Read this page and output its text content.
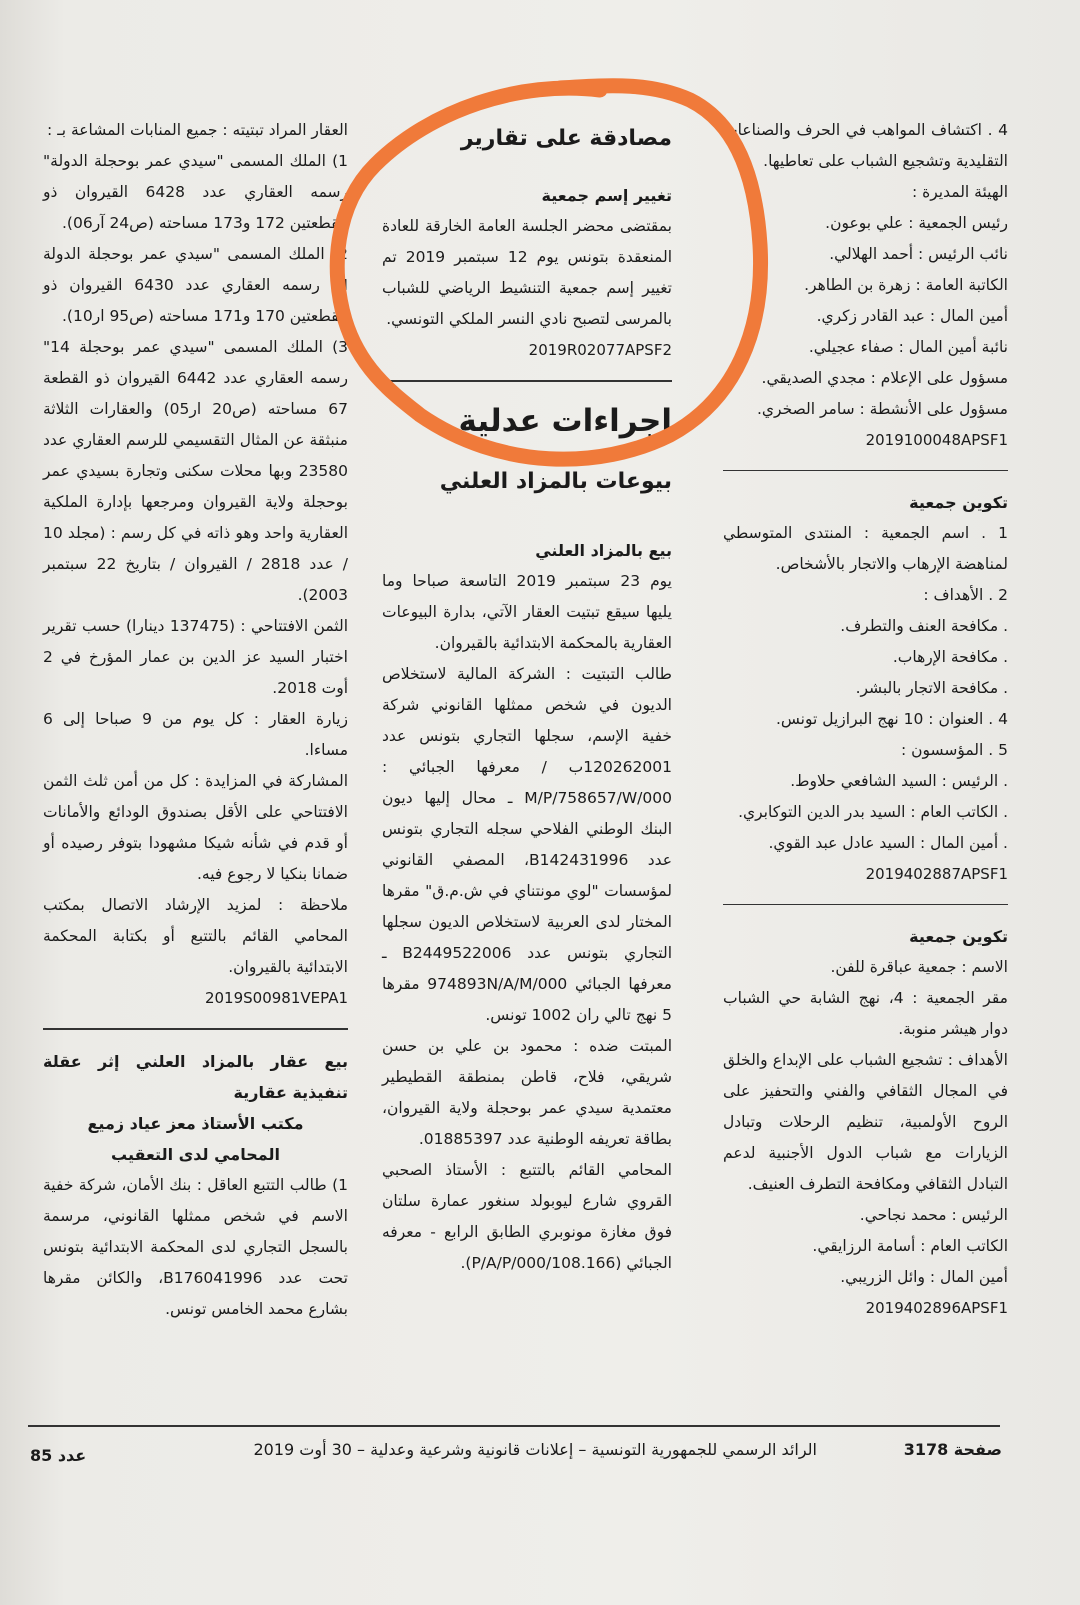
4 . اكتشاف المواهب في الحرف والصناعات التقليدية وتشجيع الشباب على تعاطيها.

الهيئة المديرة :

رئيس الجمعية : علي بوعون.

نائب الرئيس : أحمد الهلالي.

الكاتبة العامة : زهرة بن الطاهر.

أمين المال : عبد القادر زكري.

نائبة أمين المال : صفاء عجيلي.

مسؤول على الإعلام : مجدي الصديقي.

مسؤول على الأنشطة : سامر الصخري.

2019100048APSF1

تكوين جمعية

1 . اسم الجمعية : المنتدى المتوسطي لمناهضة الإرهاب والاتجار بالأشخاص.

2 . الأهداف :

. مكافحة العنف والتطرف.

. مكافحة الإرهاب.

. مكافحة الاتجار بالبشر.

4 . العنوان : 10 نهج البرازيل تونس.

5 . المؤسسون :

. الرئيس : السيد الشافعي حلاوط.

. الكاتب العام : السيد بدر الدين التوكابري.

. أمين المال : السيد عادل عبد القوي.

2019402887APSF1

تكوين جمعية

الاسم : جمعية عباقرة للفن.

مقر الجمعية : 4، نهج الشابة حي الشباب دوار هيشر منوبة.

الأهداف : تشجيع الشباب على الإبداع والخلق في المجال الثقافي والفني والتحفيز على الروح الأولمبية، تنظيم الرحلات وتبادل الزيارات مع شباب الدول الأجنبية لدعم التبادل الثقافي ومكافحة التطرف العنيف.

الرئيس : محمد نجاحي.

الكاتب العام : أسامة الرزايقي.

أمين المال : وائل الزريبي.

2019402896APSF1

مصادقة على تقارير

تغيير إسم جمعية

بمقتضى محضر الجلسة العامة الخارقة للعادة المنعقدة بتونس يوم 12 سبتمبر 2019 تم تغيير إسم جمعية التنشيط الرياضي للشباب بالمرسى لتصبح نادي النسر الملكي التونسي.

2019R02077APSF2

إجراءات عدلية

بيوعات بالمزاد العلني

بيع بالمزاد العلني

يوم 23 سبتمبر 2019 التاسعة صباحا وما يليها سيقع تبتيت العقار الآتي، بدارة البيوعات العقارية بالمحكمة الابتدائية بالقيروان.

طالب التبتيت : الشركة المالية لاستخلاص الديون في شخص ممثلها القانوني شركة خفية الإسم، سجلها التجاري بتونس عدد 120262001ب / معرفها الجبائي : 000/M/P/758657/W ـ محال إليها ديون البنك الوطني الفلاحي سجله التجاري بتونس عدد B142431996، المصفي القانوني لمؤسسات "لوي مونتناي في ش.م.ق" مقرها المختار لدى العربية لاستخلاص الديون سجلها التجاري بتونس عدد B2449522006 ـ معرفها الجبائي 974893N/A/M/000 مقرها 5 نهج تالي ران 1002 تونس.

المبتت ضده : محمود بن علي بن حسن شريقي، فلاح، قاطن بمنطقة القطيطير معتمدية سيدي عمر بوحجلة ولاية القيروان، بطاقة تعريفه الوطنية عدد 01885397.

المحامي القائم بالتتبع : الأستاذ الصحبي القروي شارع ليوبولد سنغور عمارة سلتان فوق مغازة مونوبري الطابق الرابع - معرفه الجبائي (108.166/P/A/P/000).

العقار المراد تبتيته : جميع المنابات المشاعة بـ :

1) الملك المسمى "سيدي عمر بوحجلة الدولة" رسمه العقاري عدد 6428 القيروان ذو القطعتين 172 و173 مساحته (ص24 آر06).

2) الملك المسمى "سيدي عمر بوحجلة الدولة II" رسمه العقاري عدد 6430 القيروان ذو القطعتين 170 و171 مساحته (ص95 ار10).

3) الملك المسمى "سيدي عمر بوحجلة 14" رسمه العقاري عدد 6442 القيروان ذو القطعة 67 مساحته (ص20 ار05) والعقارات الثلاثة منبثقة عن المثال التقسيمي للرسم العقاري عدد 23580 وبها محلات سكنى وتجارة بسيدي عمر بوحجلة ولاية القيروان ومرجعها بإدارة الملكية العقارية واحد وهو ذاته في كل رسم : (مجلد 10 / عدد 2818 / القيروان / بتاريخ 22 سبتمبر 2003).

الثمن الافتتاحي : (137475 دينارا) حسب تقرير اختبار السيد عز الدين بن عمار المؤرخ في 2 أوت 2018.

زيارة العقار : كل يوم من 9 صباحا إلى 6 مساءا.

المشاركة في المزايدة : كل من أمن ثلث الثمن الافتتاحي على الأقل بصندوق الودائع والأمانات أو قدم في شأنه شيكا مشهودا بتوفر رصيده أو ضمانا بنكيا لا رجوع فيه.

ملاحظة : لمزيد الإرشاد الاتصال بمكتب المحامي القائم بالتتبع أو بكتابة المحكمة الابتدائية بالقيروان.

2019S00981VEPA1

بيع عقار بالمزاد العلني إثر عقلة تنفيذية عقارية

مكتب الأستاذ معز عياد زميع

المحامي لدى التعقيب

1) طالب التتبع العاقل : بنك الأمان، شركة خفية الاسم في شخص ممثلها القانوني، مرسمة بالسجل التجاري لدى المحكمة الابتدائية بتونس تحت عدد B176041996، والكائن مقرها بشارع محمد الخامس تونس.

صفحة 3178
الرائد الرسمي للجمهورية التونسية – إعلانات قانونية وشرعية وعدلية – 30 أوت 2019
عدد 85
